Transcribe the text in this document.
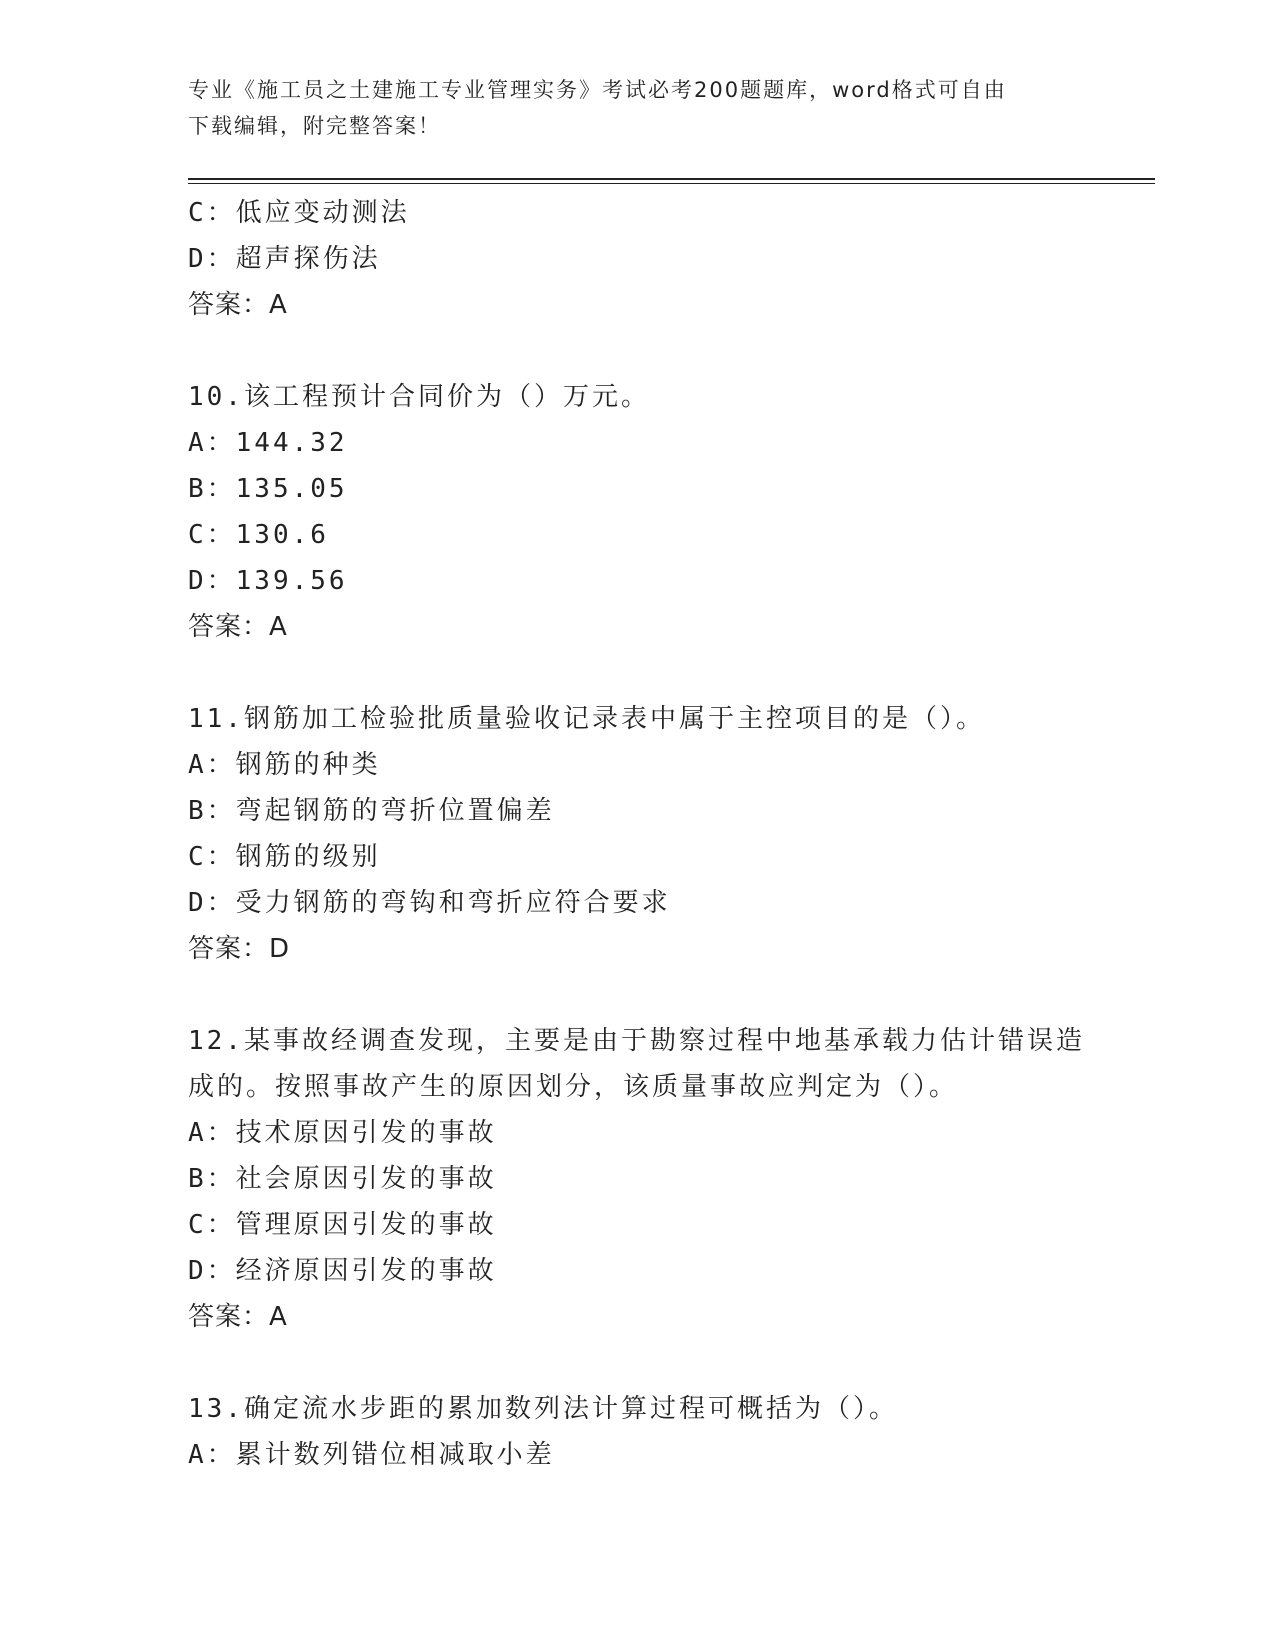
专业《施工员之土建施工专业管理实务》考试必考200题题库，word格式可自由
下载编辑，附完整答案！
C：低应变动测法
D：超声探伤法
答案：A
10.该工程预计合同价为（）万元。
A：144.32
B：135.05
C：130.6
D：139.56
答案：A
11.钢筋加工检验批质量验收记录表中属于主控项目的是（）。
A：钢筋的种类
B：弯起钢筋的弯折位置偏差
C：钢筋的级别
D：受力钢筋的弯钩和弯折应符合要求
答案：D
12.某事故经调查发现，主要是由于勘察过程中地基承载力估计错误造
成的。按照事故产生的原因划分，该质量事故应判定为（）。
A：技术原因引发的事故
B：社会原因引发的事故
C：管理原因引发的事故
D：经济原因引发的事故
答案：A
13.确定流水步距的累加数列法计算过程可概括为（）。
A：累计数列错位相减取小差
